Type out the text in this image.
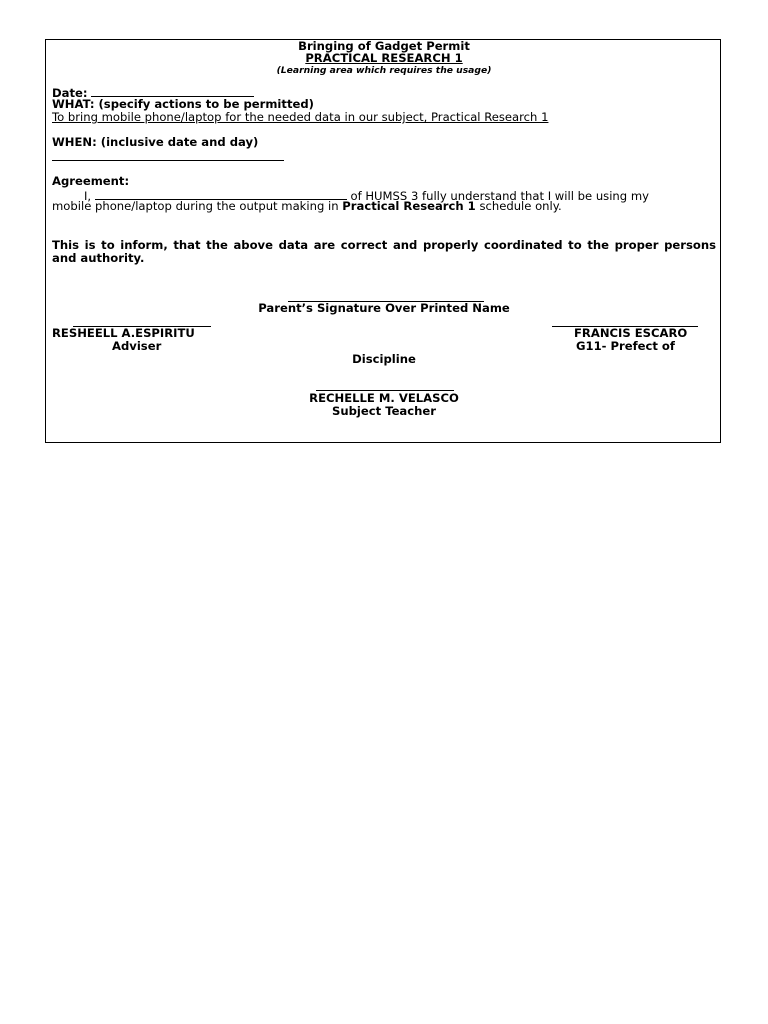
Bringing of Gadget Permit
PRACTICAL RESEARCH 1
(Learning area which requires the usage)
Date:
WHAT: (specify actions to be permitted)
To bring mobile phone/laptop for the needed data in our subject, Practical Research 1
WHEN: (inclusive date and day)
Agreement:
I,	of HUMSS 3 fully understand that I will be using my
mobile phone/laptop during the output making in Practical Research 1 schedule only.
This is to inform, that the above data are correct and properly coordinated to the proper persons and authority.
Parent’s Signature Over Printed Name
RESHEELL A.ESPIRITU
Adviser
FRANCIS ESCARO
G11- Prefect of
Discipline
RECHELLE M. VELASCO
Subject Teacher
